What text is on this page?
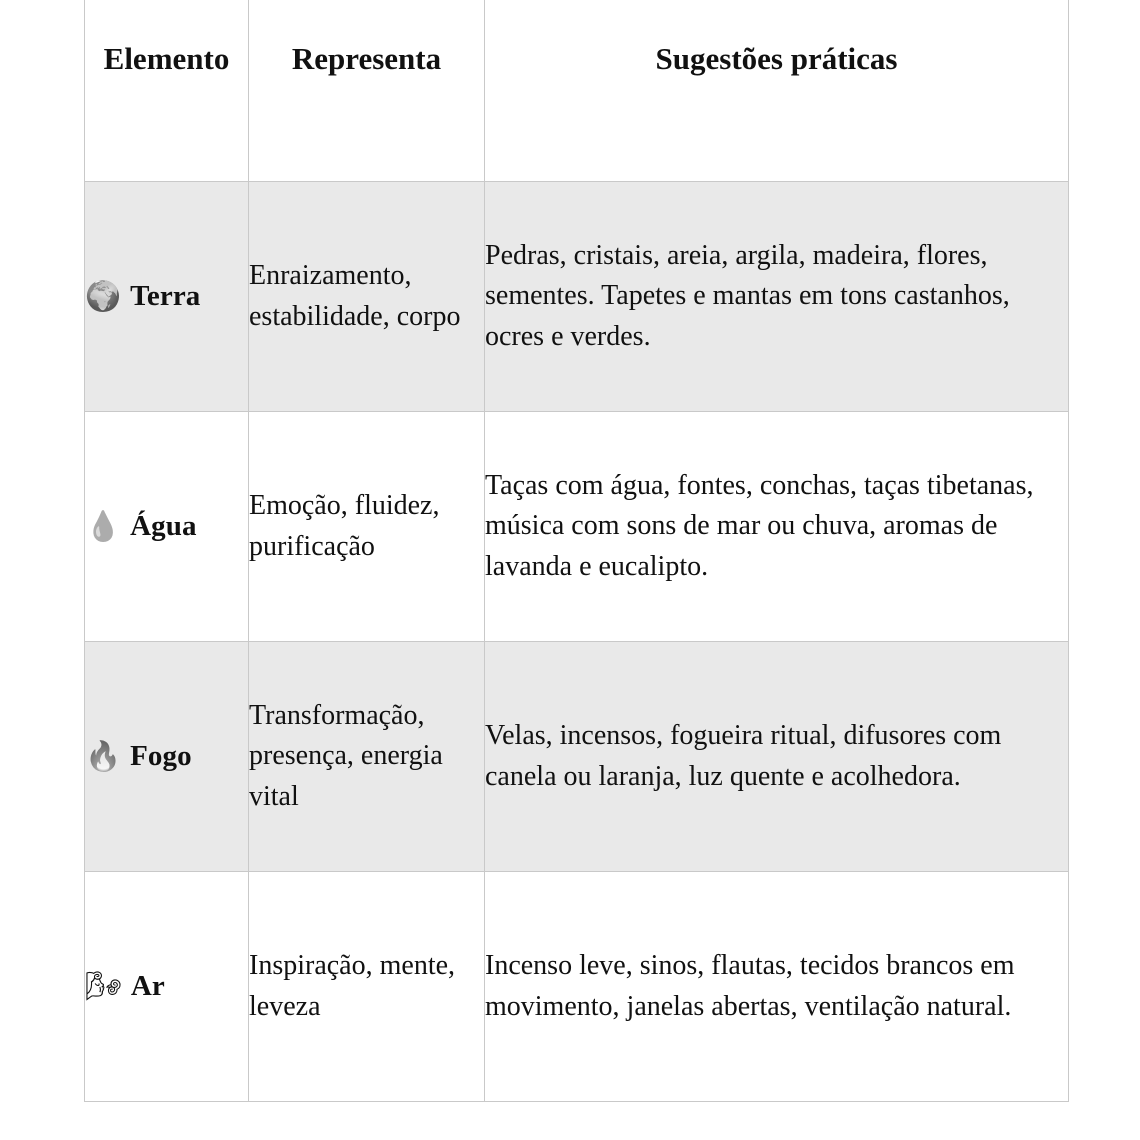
Elemento	Representa	Sugestões práticas

🌍 Terra	Enraizamento, estabilidade, corpo	Pedras, cristais, areia, argila, madeira, flores, sementes. Tapetes e mantas em tons castanhos, ocres e verdes.

💧 Água	Emoção, fluidez, purificação	Taças com água, fontes, conchas, taças tibetanas, música com sons de mar ou chuva, aromas de lavanda e eucalipto.

🔥 Fogo	Transformação, presença, energia vital	Velas, incensos, fogueira ritual, difusores com canela ou laranja, luz quente e acolhedora.

🌬 Ar	Inspiração, mente, leveza	Incenso leve, sinos, flautas, tecidos brancos em movimento, janelas abertas, ventilação natural.
